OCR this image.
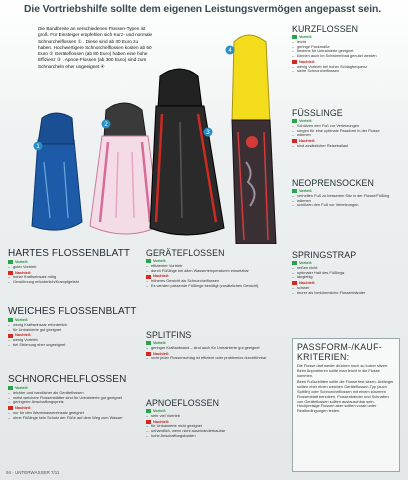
Die Vortriebshilfe sollte dem eigenen Leistungsvermögen angepasst sein.
1
2
3
4
Die Bandbreite an verschiedenen Flossen-Typen ist groß. Für Einsteiger empfehlen sich Kurz- und normale Schnorchelflossen ① . Diese sind ab 30 Euro zu haben. Hochwertigere Schnorchelflossen kosten ab 60 Euro ② Geräteflossen (ab 80 Euro) haben eine hohe Effizienz ③ . Apnoe-Flossen (ab 300 Euro) sind zum Schnorcheln eher ungeeignet ④
KURZFLOSSEN
Vorteil:
– leicht
– geringe Packmaße
– bestens für Untrainierte geeignet
– können auch im Schwimmbad genutzt werden
Nachteil:
– wenig Vortrieb bei hoher Schlagfrequenz
– siehe Schnorchelflossen
FÜSSLINGE
Vorteil:
– Schützen den Fuß vor Verletzungen
– sorgen für eine optimale Passform in der Flosse
– wärmen
Nachteil:
– sind zusätzlicher Reiseballast
NEOPRENSOCKEN
Vorteil:
– verhelfen Fuß zu besserem Sitz in der Flosse/Füßling
– wärmen
– schützen den Fuß vor Verletzungen
SPRINGSTRAP
Vorteil:
– reißen nicht
– optimaler Halt des Füßlings
– langlebig
Nachteil:
– schwer
– teurer als herkömmliche Flossenbänder
HARTES FLOSSENBLATT
Vorteil:
– guter Vortrieb
Nachteil:
– hoher Kraftseinsatz nötig
– Gewöhnung erforderlich/Krampfgefahr
WEICHES FLOSSENBLATT
Vorteil:
– wenig Kraftseinsatz erforderlich
– für Untrainierte gut geeignet
Nachteil:
– wenig Vortrieb
– bei Strömung eher ungeeignet
SCHNORCHELFLOSSEN
Vorteil:
– leichter und handlicher als Geräteflossen
– meist weichere Flossenblätter sind für Untrainierte gut geeignet
– geringerer Anschaffungspreis
Nachteil:
– nur für den Warmwassereinsatz geeignet
– ohne Füßlinge kein Schutz der Füße auf dem Weg zum Wasser
GERÄTEFLOSSEN
Vorteil:
– effizienter Vortrieb
– durch Füßlinge bei allen Wassertemperaturen einsetzbar
Nachteil:
– höheres Gewicht als Schnorchelflossen
– Es werden passende Füßlinge benötigt (zusätzliches Gewicht)
SPLITFINS
Vorteil:
– geringer Kraftaufwand – sind auch für Untrainierte gut geeignet
Nachteil:
– nicht jeder Flossenschlag ist effizient oder problemlos durchführbar
APNOEFLOSSEN
Vorteil:
– sehr viel Vortrieb
Nachteil:
– für Untrainierte nicht geeignet
– unhandlich, wenn nicht auseinanderbaubar
– hohe Anschaffungskosten
PASSFORM-/KAUF-KRITERIEN:

Die Flosse darf weder drücken noch zu locker sitzen. Beim Anprobieren sollte man leicht in die Flosse kommen.

Beim Fußschlitten sollte die Flosse fest sitzen. Anfänger sollten eher einen weichen Geräteflossen-Typ (auch Splitfin) oder Schnorchelflossen mit einem kürzeren Flossenblatt benutzen. Flossenbänder und Schnallen von Geräteflossen sollten austauschbar sein. Hochpreisige Flossen aber sollten vorab unter Realbedingungen testen.

94 · UNTERWASSER 7/11
